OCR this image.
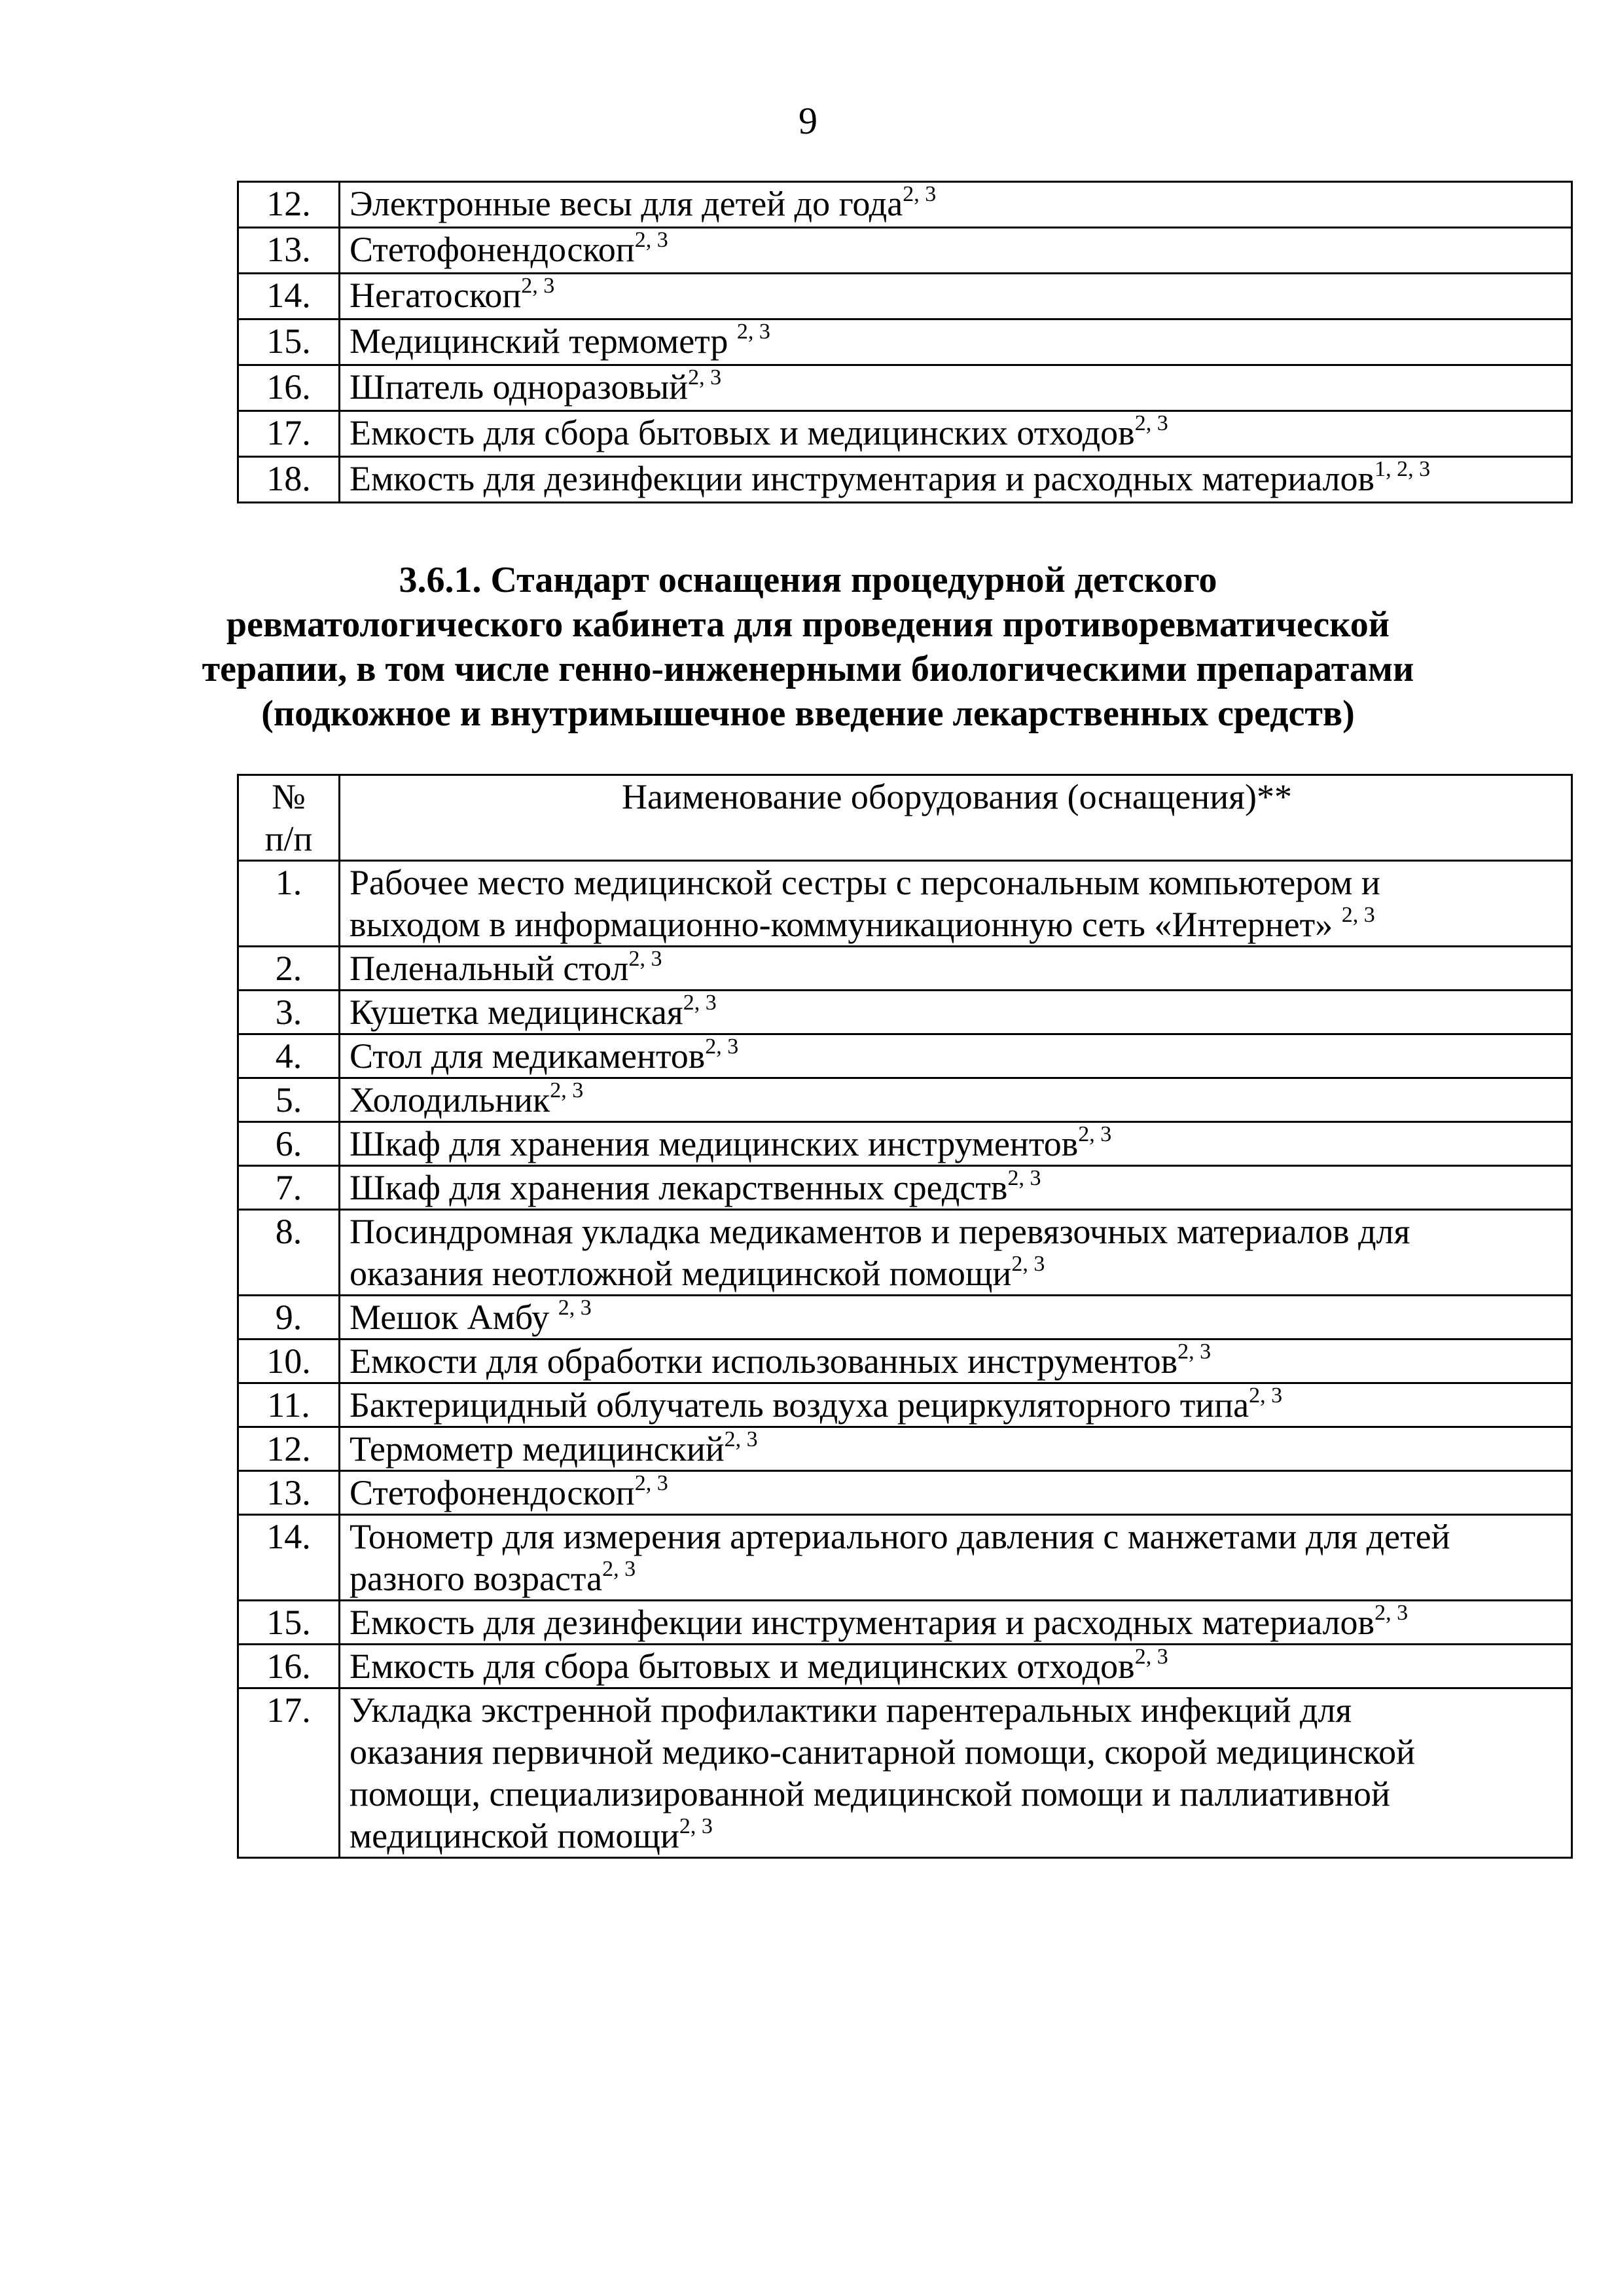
9
12.	Электронные весы для детей до года$^{2, 3}$
13.	Стетофонендоскоп$^{2, 3}$
14.	Негатоскоп$^{2, 3}$
15.	Медицинский термометр $^{2, 3}$
16.	Шпатель одноразовый$^{2, 3}$
17.	Емкость для сбора бытовых и медицинских отходов$^{2, 3}$
18.	Емкость для дезинфекции инструментария и расходных материалов$^{1, 2, 3}$
3.6.1. Стандарт оснащения процедурной детского
ревматологического кабинета для проведения противоревматической
терапии, в том числе генно-инженерными биологическими препаратами
(подкожное и внутримышечное введение лекарственных средств)
№
п/п	Наименование оборудования (оснащения)**
1.	Рабочее место медицинской сестры с персональным компьютером и
выходом в информационно-коммуникационную сеть «Интернет» $^{2, 3}$
2.	Пеленальный стол$^{2, 3}$
3.	Кушетка медицинская$^{2, 3}$
4.	Стол для медикаментов$^{2, 3}$
5.	Холодильник$^{2, 3}$
6.	Шкаф для хранения медицинских инструментов$^{2, 3}$
7.	Шкаф для хранения лекарственных средств$^{2, 3}$
8.	Посиндромная укладка медикаментов и перевязочных материалов для
оказания неотложной медицинской помощи$^{2, 3}$
9.	Мешок Амбу $^{2, 3}$
10.	Емкости для обработки использованных инструментов$^{2, 3}$
11.	Бактерицидный облучатель воздуха рециркуляторного типа$^{2, 3}$
12.	Термометр медицинский$^{2, 3}$
13.	Стетофонендоскоп$^{2, 3}$
14.	Тонометр для измерения артериального давления с манжетами для детей
разного возраста$^{2, 3}$
15.	Емкость для дезинфекции инструментария и расходных материалов$^{2, 3}$
16.	Емкость для сбора бытовых и медицинских отходов$^{2, 3}$
17.	Укладка экстренной профилактики парентеральных инфекций для
оказания первичной медико-санитарной помощи, скорой медицинской
помощи, специализированной медицинской помощи и паллиативной
медицинской помощи$^{2, 3}$
